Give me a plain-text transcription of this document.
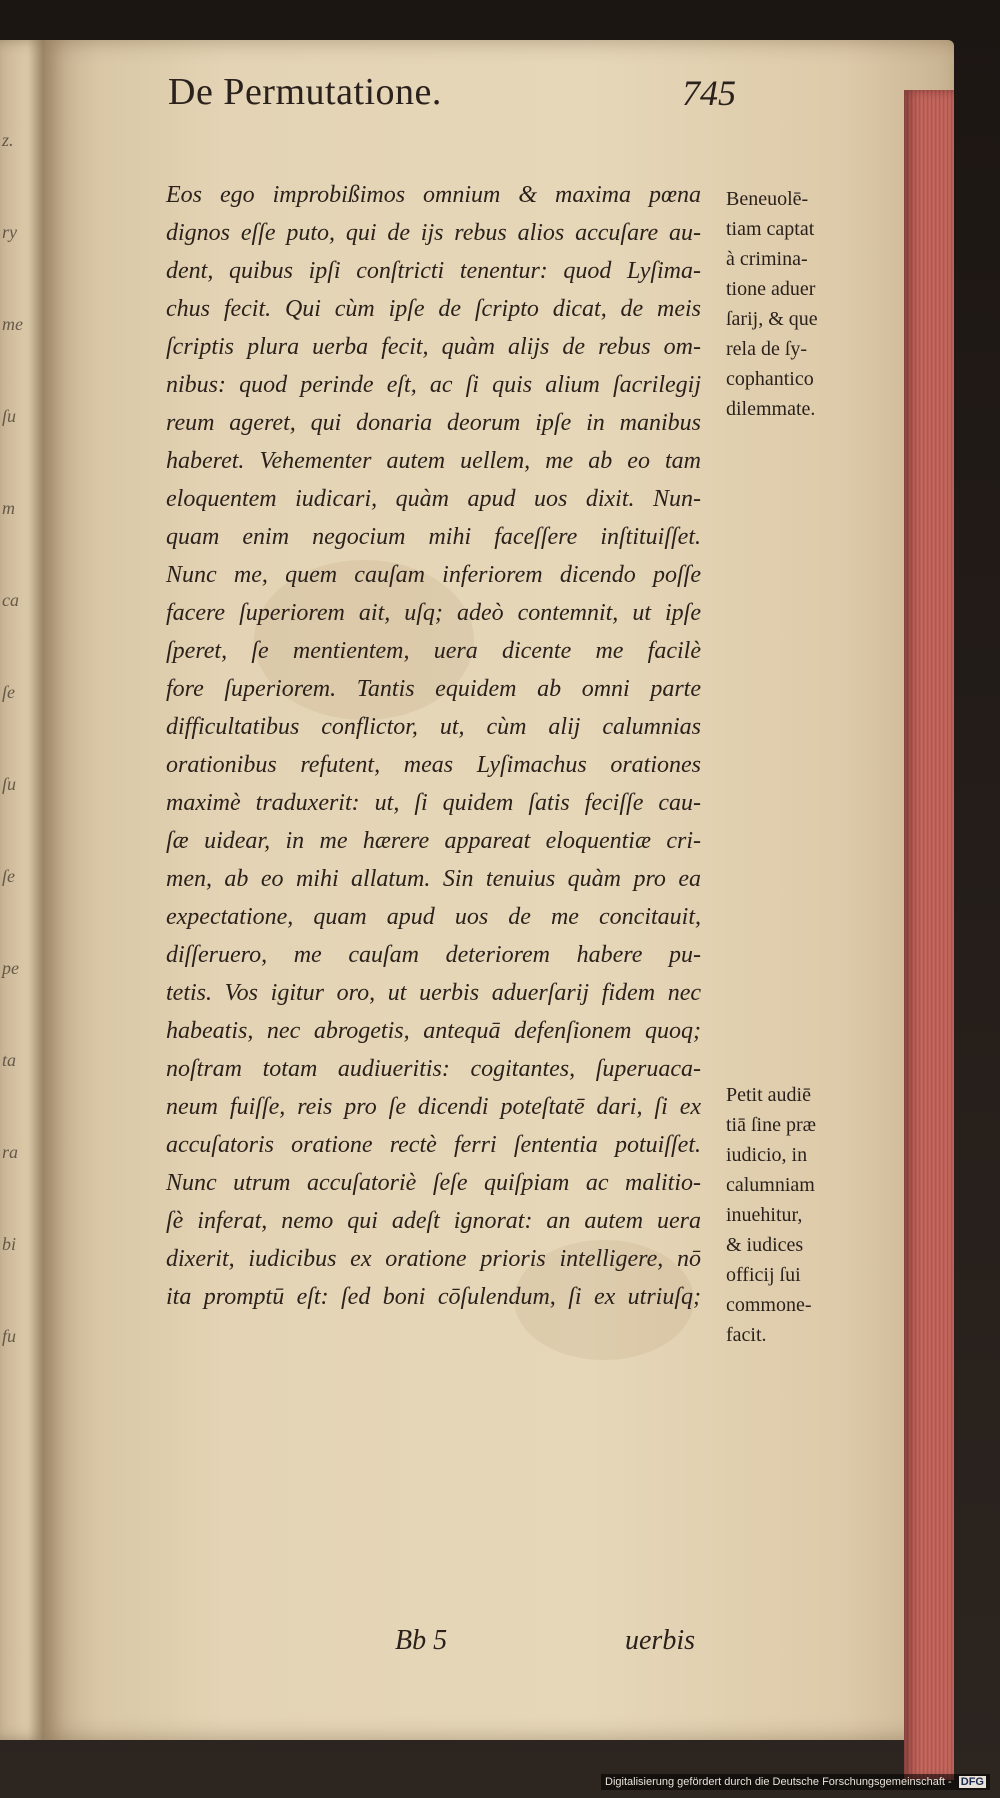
z.
ry
me
ſu
m
ca
ſe
ſu
ſe
pe
ta
ra
bi
fu
De Permutatione.	745
Eos ego improbißimos omnium & maxima pœna
dignos eſſe puto, qui de ijs rebus alios accuſare au-
dent, quibus ipſi conſtricti tenentur: quod Lyſima-
chus fecit. Qui cùm ipſe de ſcripto dicat, de meis
ſcriptis plura uerba fecit, quàm alijs de rebus om-
nibus: quod perinde eſt, ac ſi quis alium ſacrilegij
reum ageret, qui donaria deorum ipſe in manibus
haberet. Vehementer autem uellem, me ab eo tam
eloquentem iudicari, quàm apud uos dixit. Nun-
quam enim negocium mihi faceſſere inſtituiſſet.
Nunc me, quem cauſam inferiorem dicendo poſſe
facere ſuperiorem ait, uſq; adeò contemnit, ut ipſe
ſperet, ſe mentientem, uera dicente me facilè
fore ſuperiorem. Tantis equidem ab omni parte
difficultatibus conflictor, ut, cùm alij calumnias
orationibus refutent, meas Lyſimachus orationes
maximè traduxerit: ut, ſi quidem ſatis feciſſe cau-
ſæ uidear, in me hærere appareat eloquentiæ cri-
men, ab eo mihi allatum. Sin tenuius quàm pro ea
expectatione, quam apud uos de me concitauit,
diſſeruero, me cauſam deteriorem habere pu-
tetis. Vos igitur oro, ut uerbis aduerſarij fidem nec
habeatis, nec abrogetis, antequā defenſionem quoq;
noſtram totam audiueritis: cogitantes, ſuperuaca-
neum fuiſſe, reis pro ſe dicendi poteſtatē dari, ſi ex
accuſatoris oratione rectè ferri ſententia potuiſſet.
Nunc utrum accuſatoriè ſeſe quiſpiam ac malitio-
ſè inferat, nemo qui adeſt ignorat: an autem uera
dixerit, iudicibus ex oratione prioris intelligere, nō
ita promptū eſt: ſed boni cōſulendum, ſi ex utriuſq;
Beneuolē-
tiam captat
à crimina-
tione aduer
ſarij, & que
rela de ſy-
cophantico
dilemmate.
Petit audiē
tiā ſine præ
iudicio, in
calumniam
inuehitur,
& iudices
officij ſui
commone-
facit.
Bb 5	uerbis
Digitalisierung gefördert durch die Deutsche Forschungsgemeinschaft - DFG
